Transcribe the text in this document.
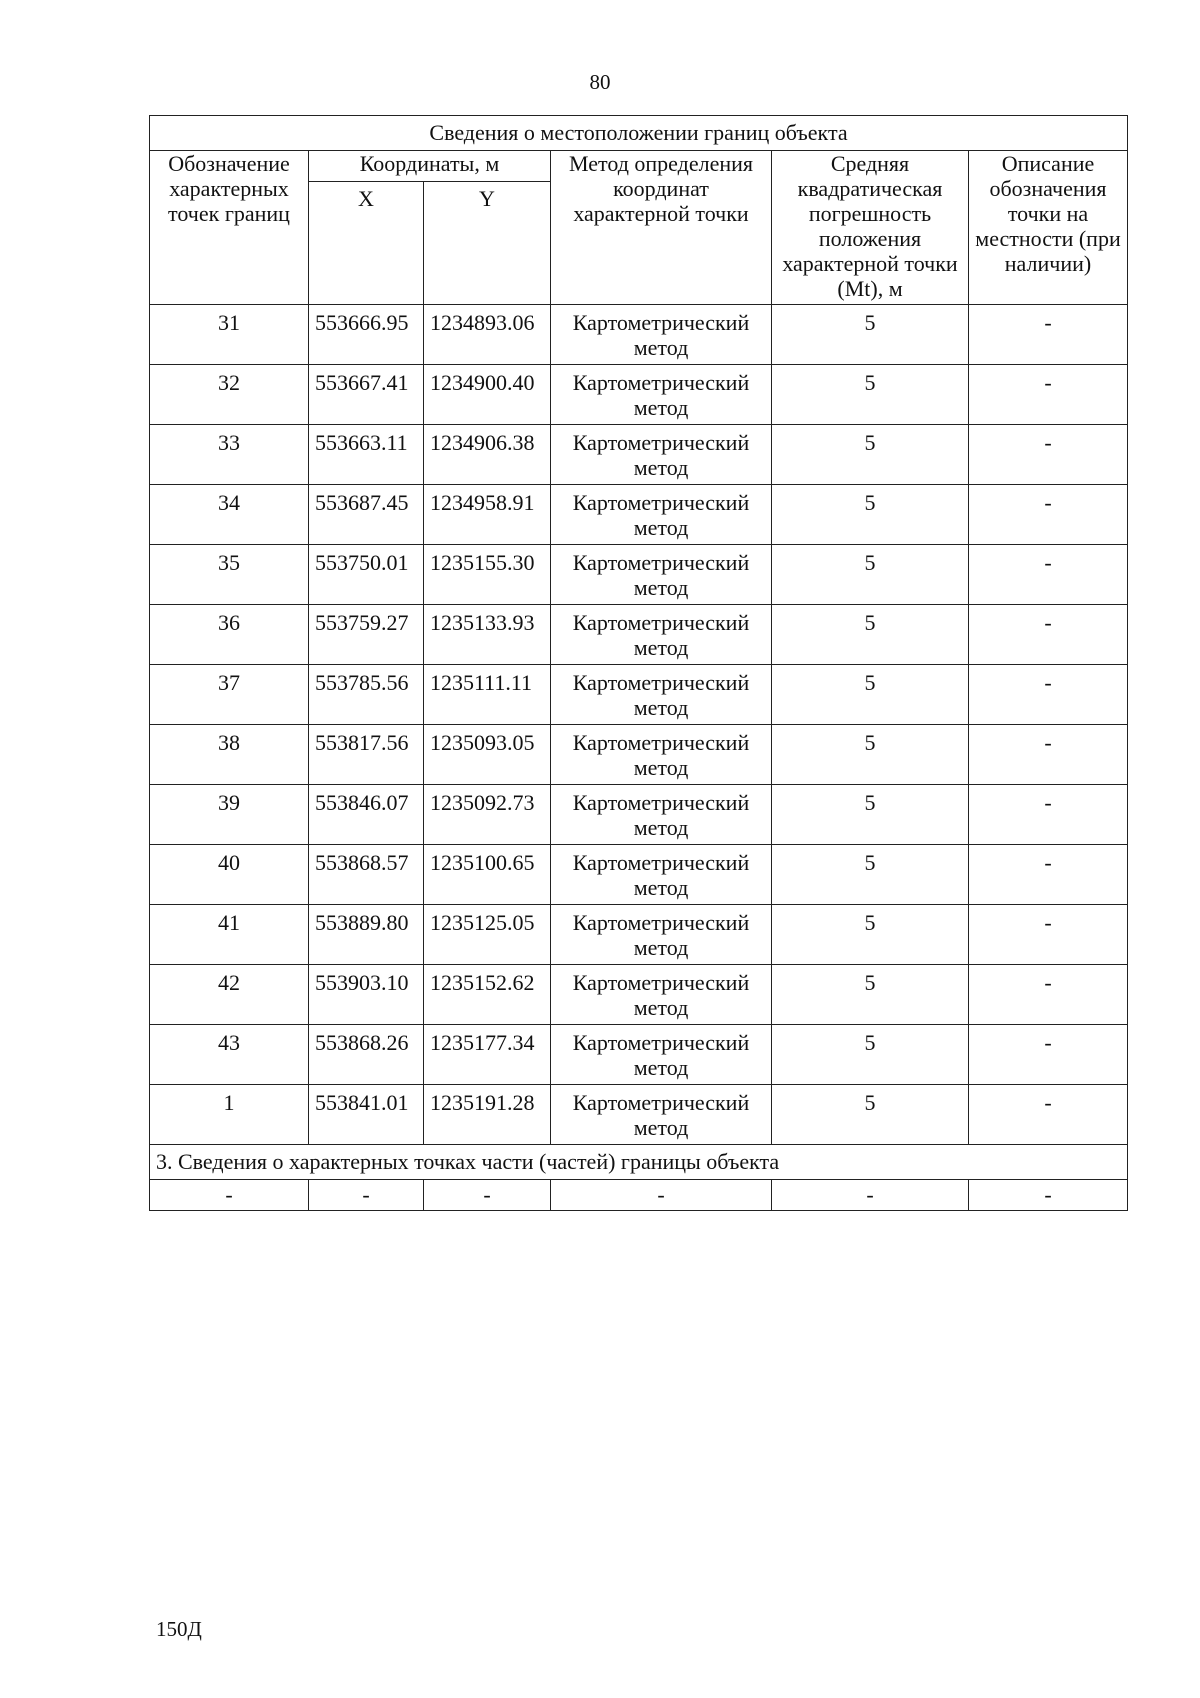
80
Сведения о местоположении границ объекта					
Обозначение характерных точек границ	Координаты, м		Метод определения координат характерной точки	Средняя квадратическая погрешность положения характерной точки (Mt), м	Описание обозначения точки на местности (при наличии)
	X	Y			
31	553666.95	1234893.06	Картометрический метод	5	-
32	553667.41	1234900.40	Картометрический метод	5	-
33	553663.11	1234906.38	Картометрический метод	5	-
34	553687.45	1234958.91	Картометрический метод	5	-
35	553750.01	1235155.30	Картометрический метод	5	-
36	553759.27	1235133.93	Картометрический метод	5	-
37	553785.56	1235111.11	Картометрический метод	5	-
38	553817.56	1235093.05	Картометрический метод	5	-
39	553846.07	1235092.73	Картометрический метод	5	-
40	553868.57	1235100.65	Картометрический метод	5	-
41	553889.80	1235125.05	Картометрический метод	5	-
42	553903.10	1235152.62	Картометрический метод	5	-
43	553868.26	1235177.34	Картометрический метод	5	-
1	553841.01	1235191.28	Картометрический метод	5	-
3. Сведения о характерных точках части (частей) границы объекта					
-	-	-	-	-	-
150Д
